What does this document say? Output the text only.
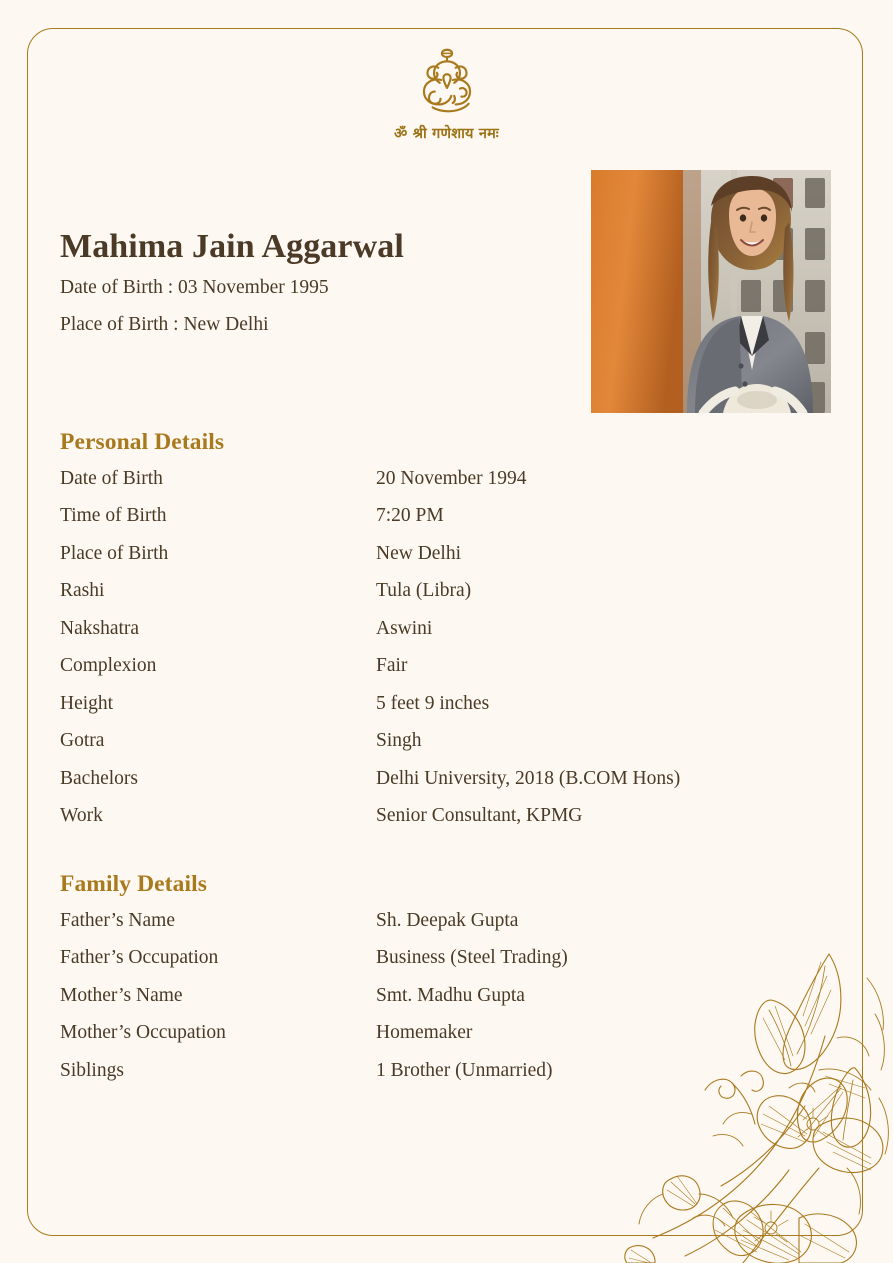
ॐ श्री गणेशाय नमः
Mahima Jain Aggarwal
Date of Birth : 03 November 1995
Place of Birth : New Delhi
Personal Details
Date of Birth	20 November 1994
Time of Birth	7:20 PM
Place of Birth	New Delhi
Rashi	Tula (Libra)
Nakshatra	Aswini
Complexion	Fair
Height	5 feet 9 inches
Gotra	Singh
Bachelors	Delhi University, 2018 (B.COM Hons)
Work	Senior Consultant, KPMG
Family Details
Father’s Name	Sh. Deepak Gupta
Father’s Occupation	Business (Steel Trading)
Mother’s Name	Smt. Madhu Gupta
Mother’s Occupation	Homemaker
Siblings	1 Brother (Unmarried)
